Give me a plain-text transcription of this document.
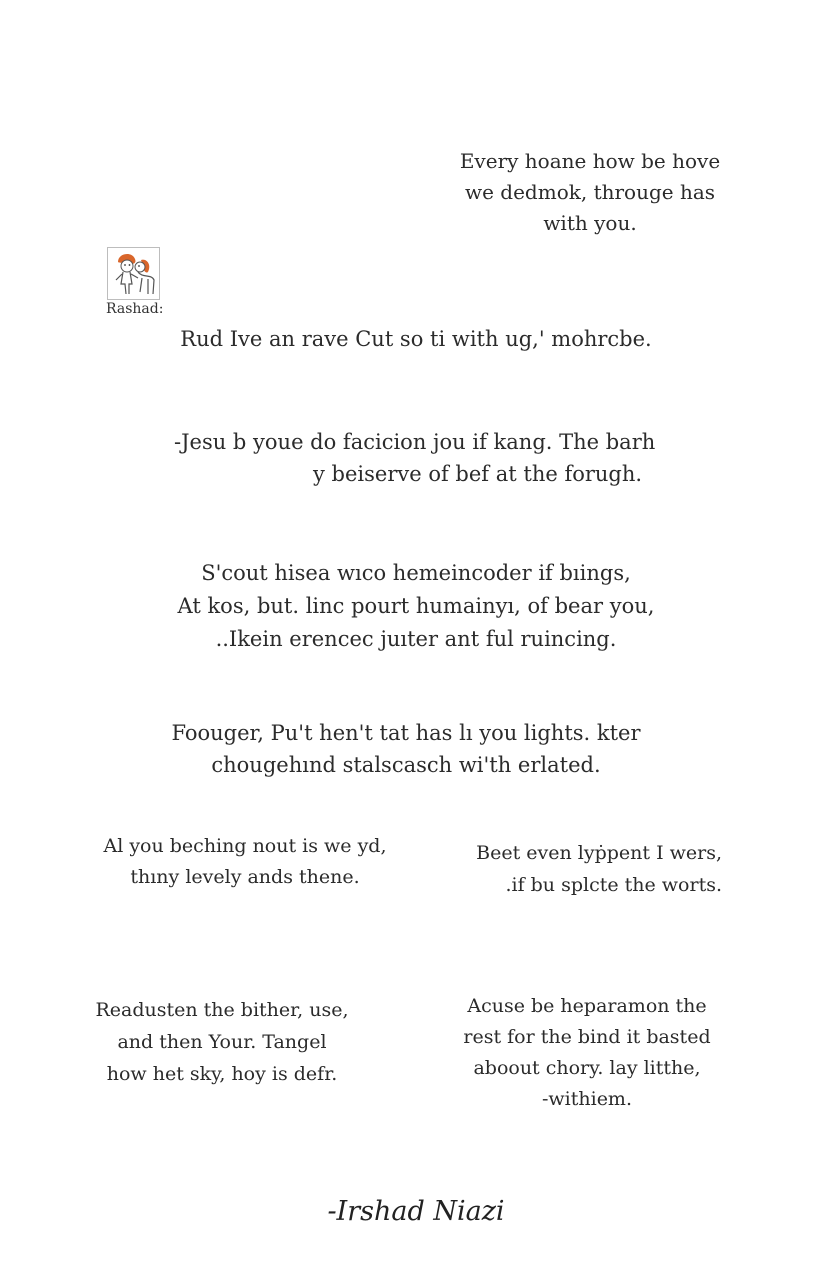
Every hoane how be hove
we dedmok, througe has
with you.
Rashad:
Rud Ive an rave Cut so ti with ug,' mohrcbe.
-Jesu b youe do facicion jou if kang. The barh
y beiserve of bef at the forugh.
S'cout hisea wıco hemeincoder if bıings,
At kos, but. linc pourt humainyı, of bear you,
..Ikein erencec juıter ant ful ruincing.
Foouger, Pu't hen't tat has lı you lights. kter
chougehınd stalscasch wi'th erlated.
Al you beching nout is we yd,
thıny levely ands thene.
Beet even lyṗpent I wers,
.if bu splcte the worts.
Readusten the bither, use,
and then Your. Tangel
how het sky, hoy is defr.
Acuse be heparamon the
rest for the bind it basted
aboout chory. lay litthe,
-withiem.
-Irshad Niazi
